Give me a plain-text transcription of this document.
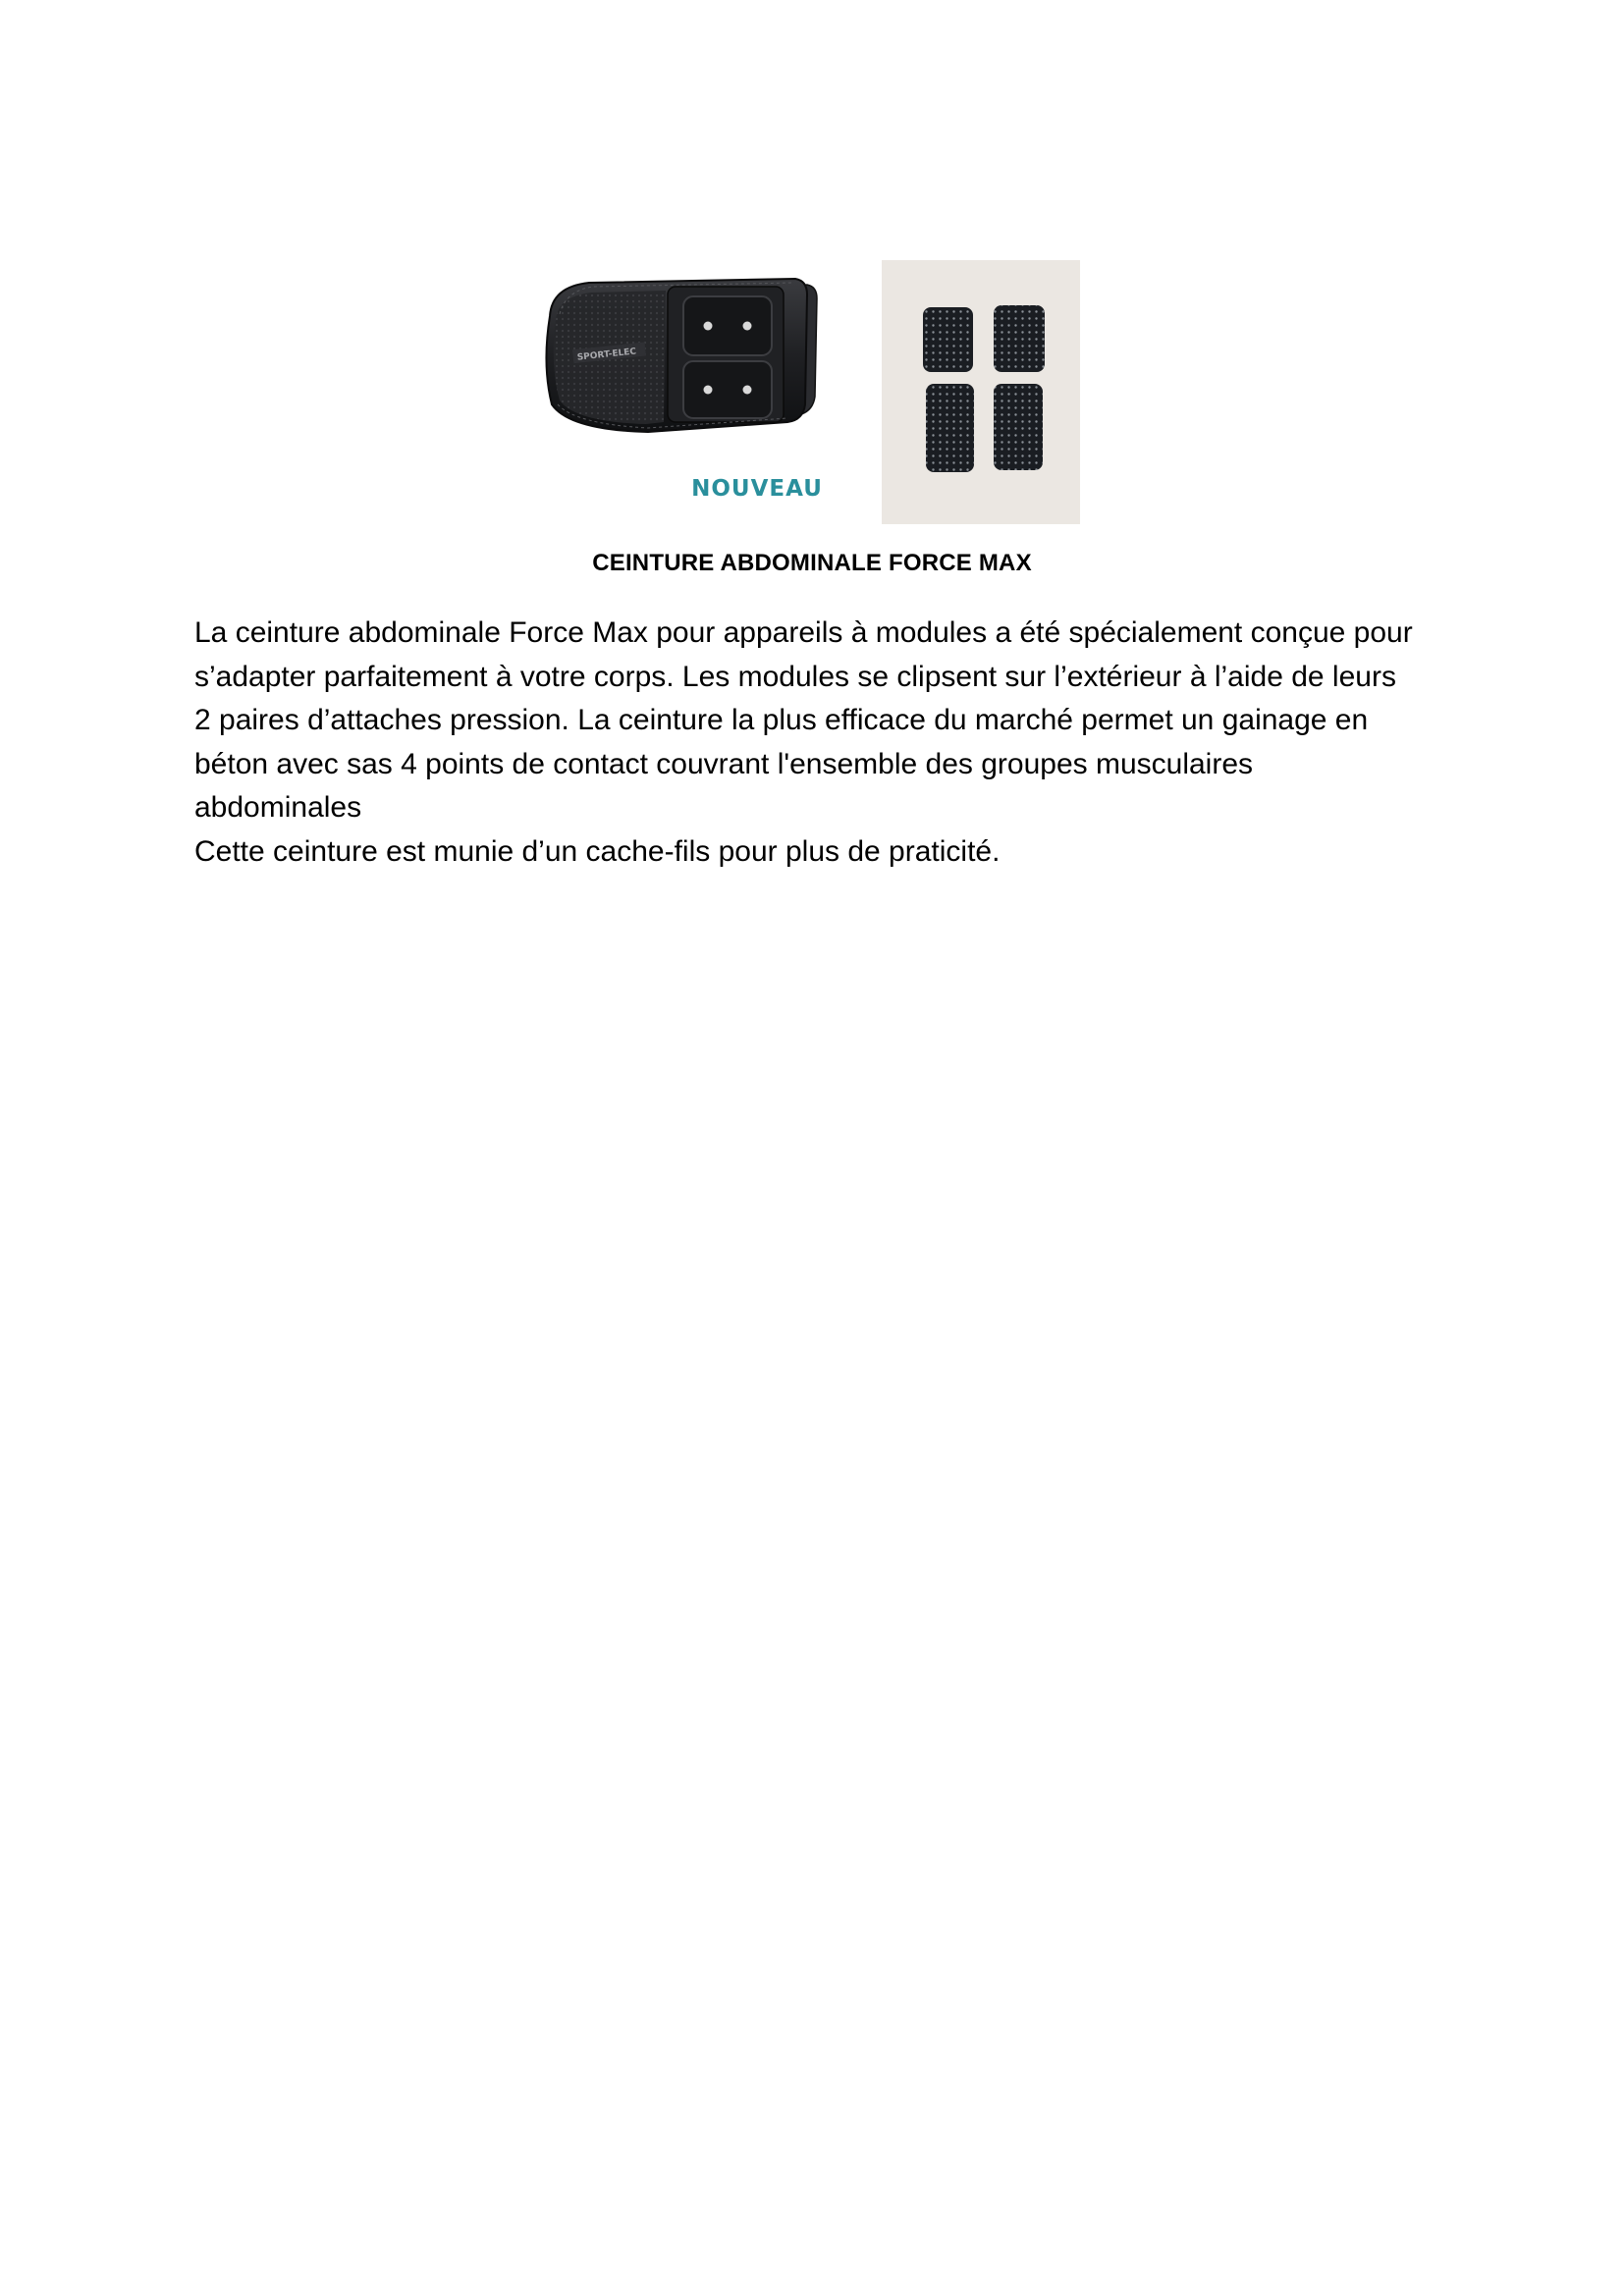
SPORT-ELEC
NOUVEAU
CEINTURE ABDOMINALE FORCE MAX
La ceinture abdominale Force Max pour appareils à modules a été spécialement conçue pour
s’adapter parfaitement à votre corps. Les modules se clipsent sur l’extérieur à l’aide de leurs
2 paires d’attaches pression. La ceinture la plus efficace du marché permet un gainage en
béton avec sas 4 points de contact couvrant l'ensemble des groupes musculaires
abdominales
Cette ceinture est munie d’un cache-fils pour plus de praticité.
